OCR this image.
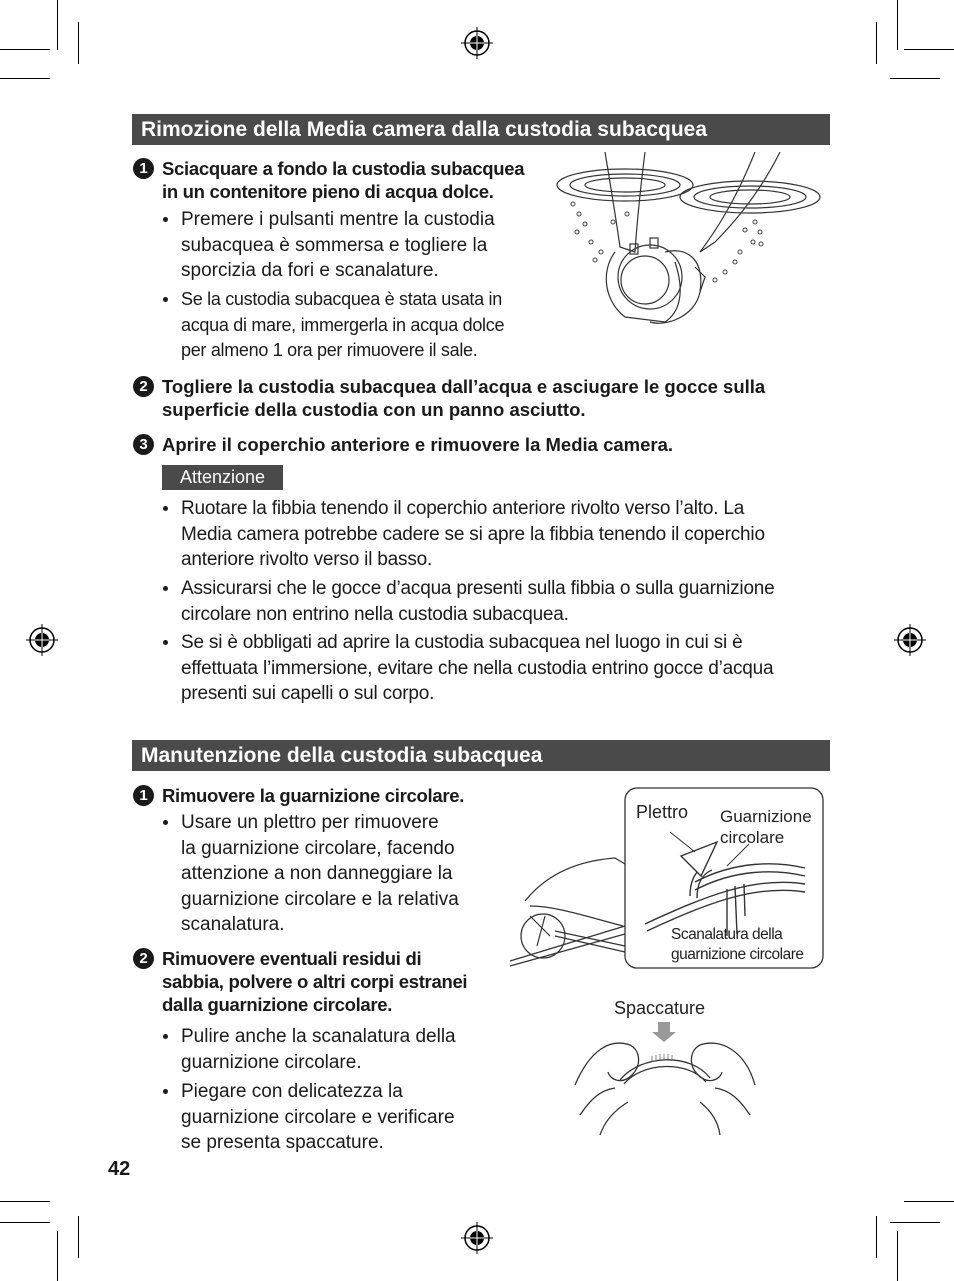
Rimozione della Media camera dalla custodia subacquea
1 Sciacquare a fondo la custodia subacquea
in un contenitore pieno di acqua dolce.
Premere i pulsanti mentre la custodia
subacquea è sommersa e togliere la
sporcizia da fori e scanalature.
Se la custodia subacquea è stata usata in
acqua di mare, immergerla in acqua dolce
per almeno 1 ora per rimuovere il sale.
2 Togliere la custodia subacquea dall’acqua e asciugare le gocce sulla
superficie della custodia con un panno asciutto.
3 Aprire il coperchio anteriore e rimuovere la Media camera.
Attenzione
Ruotare la fibbia tenendo il coperchio anteriore rivolto verso l’alto. La
Media camera potrebbe cadere se si apre la fibbia tenendo il coperchio
anteriore rivolto verso il basso.
Assicurarsi che le gocce d’acqua presenti sulla fibbia o sulla guarnizione
circolare non entrino nella custodia subacquea.
Se si è obbligati ad aprire la custodia subacquea nel luogo in cui si è
effettuata l’immersione, evitare che nella custodia entrino gocce d’acqua
presenti sui capelli o sul corpo.
Manutenzione della custodia subacquea
1 Rimuovere la guarnizione circolare.
Usare un plettro per rimuovere
la guarnizione circolare, facendo
attenzione a non danneggiare la
guarnizione circolare e la relativa
scanalatura.
2 Rimuovere eventuali residui di
sabbia, polvere o altri corpi estranei
dalla guarnizione circolare.
Pulire anche la scanalatura della
guarnizione circolare.
Piegare con delicatezza la
guarnizione circolare e verificare
se presenta spaccature.
Plettro Guarnizione
circolare
Scanalatura della
guarnizione circolare
Spaccature
42
